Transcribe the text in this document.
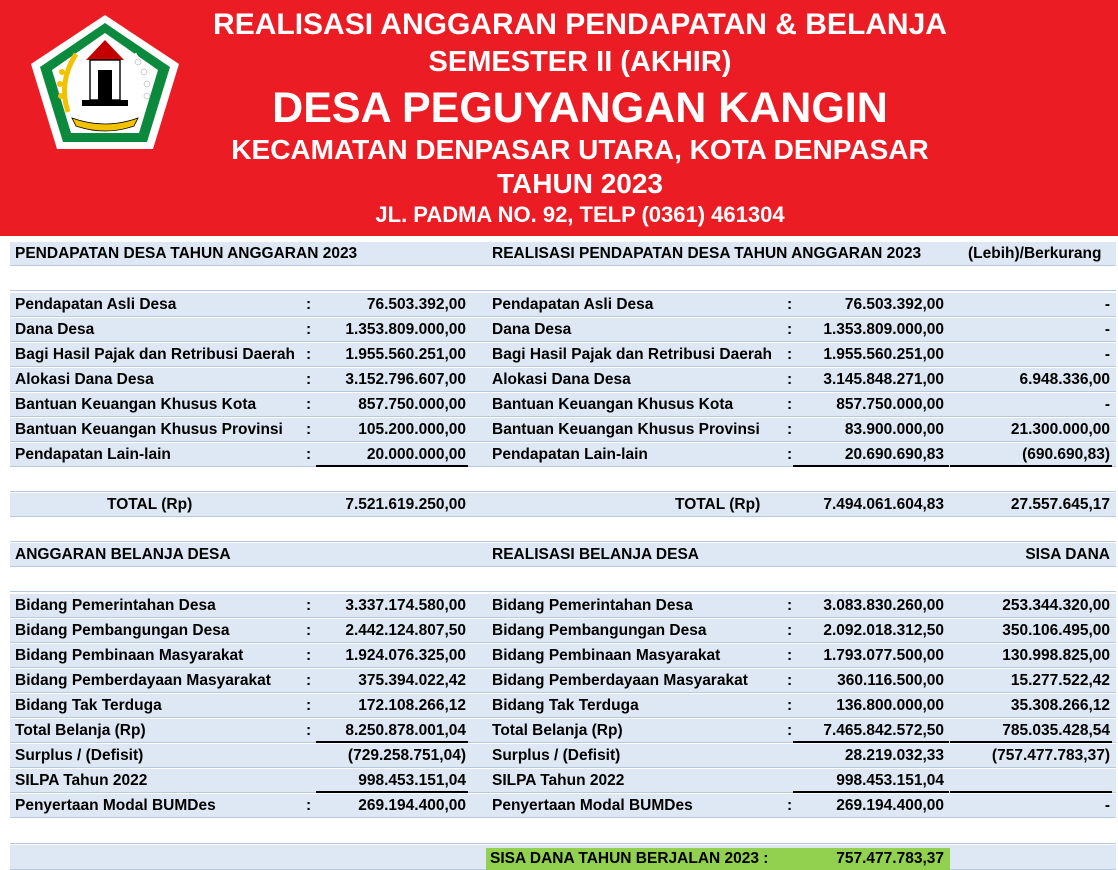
REALISASI ANGGARAN PENDAPATAN & BELANJA
SEMESTER II (AKHIR)
DESA PEGUYANGAN KANGIN
KECAMATAN DENPASAR UTARA, KOTA DENPASAR
TAHUN 2023
JL. PADMA NO. 92, TELP (0361) 461304
PENDAPATAN DESA TAHUN ANGGARAN 2023	REALISASI PENDAPATAN DESA TAHUN ANGGARAN 2023	(Lebih)/Berkurang
Pendapatan Asli Desa	:	76.503.392,00 Pendapatan Asli Desa	:	76.503.392,00	-
Dana Desa	:	1.353.809.000,00 Dana Desa	:	1.353.809.000,00	-
Bagi Hasil Pajak dan Retribusi Daerah :	1.955.560.251,00 Bagi Hasil Pajak dan Retribusi Daerah :	1.955.560.251,00	-
Alokasi Dana Desa	:	3.152.796.607,00 Alokasi Dana Desa	:	3.145.848.271,00	6.948.336,00
Bantuan Keuangan Khusus Kota	:	857.750.000,00 Bantuan Keuangan Khusus Kota	:	857.750.000,00	-
Bantuan Keuangan Khusus Provinsi :	105.200.000,00 Bantuan Keuangan Khusus Provinsi :	83.900.000,00	21.300.000,00
Pendapatan Lain-lain	:	20.000.000,00 Pendapatan Lain-lain	:	20.690.690,83	(690.690,83)
TOTAL (Rp)	7.521.619.250,00	TOTAL (Rp)	7.494.061.604,83	27.557.645,17
ANGGARAN BELANJA DESA	REALISASI BELANJA DESA	SISA DANA
Bidang Pemerintahan Desa	:	3.337.174.580,00 Bidang Pemerintahan Desa	:	3.083.830.260,00	253.344.320,00
Bidang Pembangungan Desa	:	2.442.124.807,50 Bidang Pembangungan Desa	:	2.092.018.312,50	350.106.495,00
Bidang Pembinaan Masyarakat	:	1.924.076.325,00 Bidang Pembinaan Masyarakat	:	1.793.077.500,00	130.998.825,00
Bidang Pemberdayaan Masyarakat :	375.394.022,42 Bidang Pemberdayaan Masyarakat	:	360.116.500,00	15.277.522,42
Bidang Tak Terduga	:	172.108.266,12 Bidang Tak Terduga	:	136.800.000,00	35.308.266,12
Total Belanja (Rp)	:	8.250.878.001,04 Total Belanja (Rp)	:	7.465.842.572,50	785.035.428,54
Surplus / (Defisit)	(729.258.751,04) Surplus / (Defisit)	28.219.032,33	(757.477.783,37)
SILPA Tahun 2022	998.453.151,04 SILPA Tahun 2022	998.453.151,04
Penyertaan Modal BUMDes	:	269.194.400,00 Penyertaan Modal BUMDes	:	269.194.400,00	-
SISA DANA TAHUN BERJALAN 2023 :	757.477.783,37
